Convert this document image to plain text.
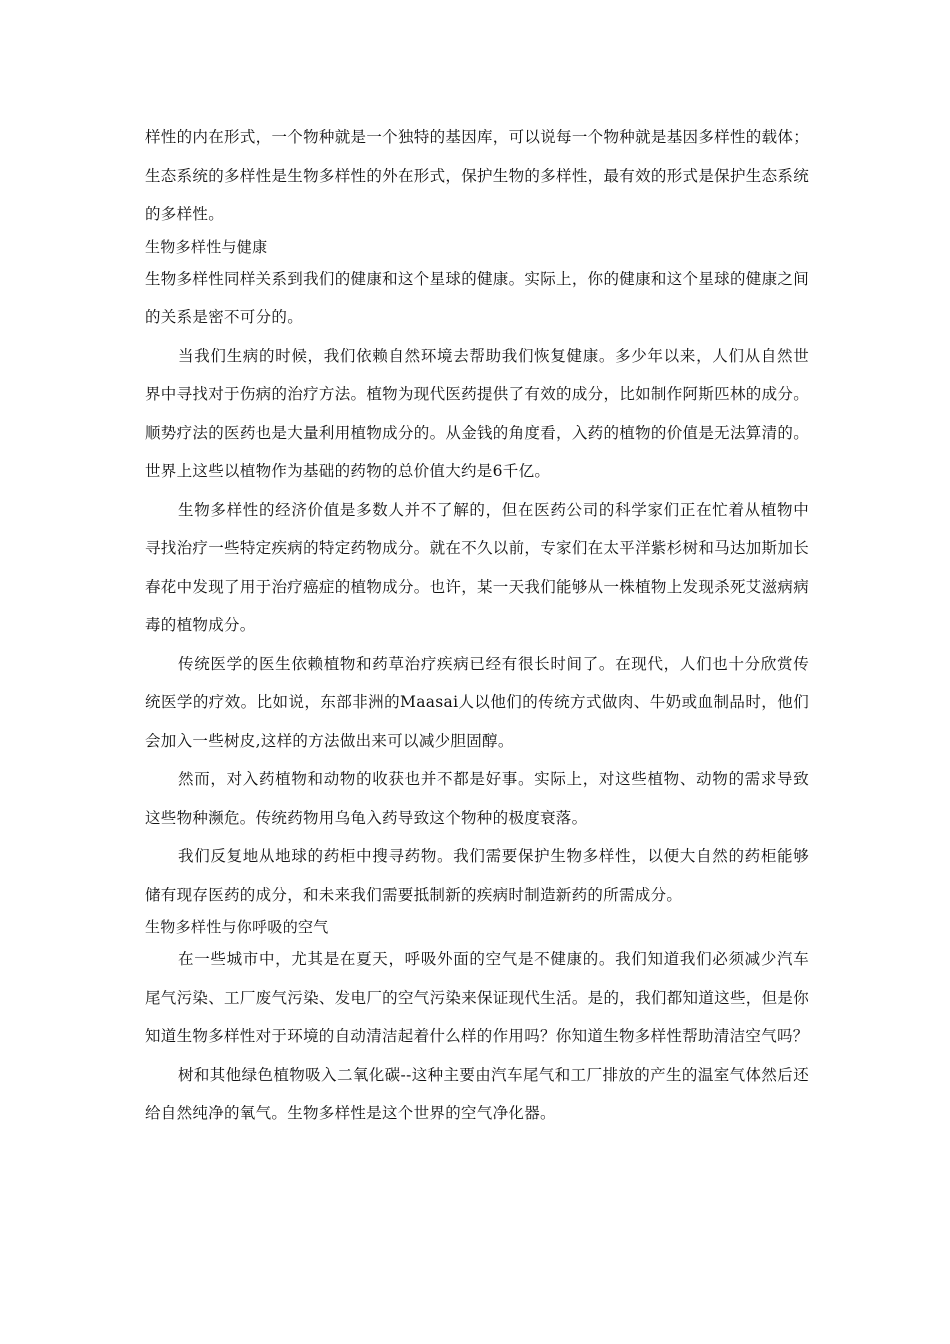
样性的内在形式，一个物种就是一个独特的基因库，可以说每一个物种就是基因多样性的载体；生态系统的多样性是生物多样性的外在形式，保护生物的多样性，最有效的形式是保护生态系统的多样性。

生物多样性与健康

生物多样性同样关系到我们的健康和这个星球的健康。实际上，你的健康和这个星球的健康之间的关系是密不可分的。

当我们生病的时候，我们依赖自然环境去帮助我们恢复健康。多少年以来，人们从自然世界中寻找对于伤病的治疗方法。植物为现代医药提供了有效的成分，比如制作阿斯匹林的成分。顺势疗法的医药也是大量利用植物成分的。从金钱的角度看，入药的植物的价值是无法算清的。世界上这些以植物作为基础的药物的总价值大约是6千亿。

生物多样性的经济价值是多数人并不了解的，但在医药公司的科学家们正在忙着从植物中寻找治疗一些特定疾病的特定药物成分。就在不久以前，专家们在太平洋紫杉树和马达加斯加长春花中发现了用于治疗癌症的植物成分。也许，某一天我们能够从一株植物上发现杀死艾滋病病毒的植物成分。

传统医学的医生依赖植物和药草治疗疾病已经有很长时间了。在现代，人们也十分欣赏传统医学的疗效。比如说，东部非洲的Maasai人以他们的传统方式做肉、牛奶或血制品时，他们会加入一些树皮,这样的方法做出来可以减少胆固醇。

然而，对入药植物和动物的收获也并不都是好事。实际上，对这些植物、动物的需求导致这些物种濒危。传统药物用乌龟入药导致这个物种的极度衰落。

我们反复地从地球的药柜中搜寻药物。我们需要保护生物多样性，以便大自然的药柜能够储有现存医药的成分，和未来我们需要抵制新的疾病时制造新药的所需成分。

生物多样性与你呼吸的空气

在一些城市中，尤其是在夏天，呼吸外面的空气是不健康的。我们知道我们必须减少汽车尾气污染、工厂废气污染、发电厂的空气污染来保证现代生活。是的，我们都知道这些，但是你知道生物多样性对于环境的自动清洁起着什么样的作用吗？你知道生物多样性帮助清洁空气吗？

树和其他绿色植物吸入二氧化碳--这种主要由汽车尾气和工厂排放的产生的温室气体然后还给自然纯净的氧气。生物多样性是这个世界的空气净化器。
